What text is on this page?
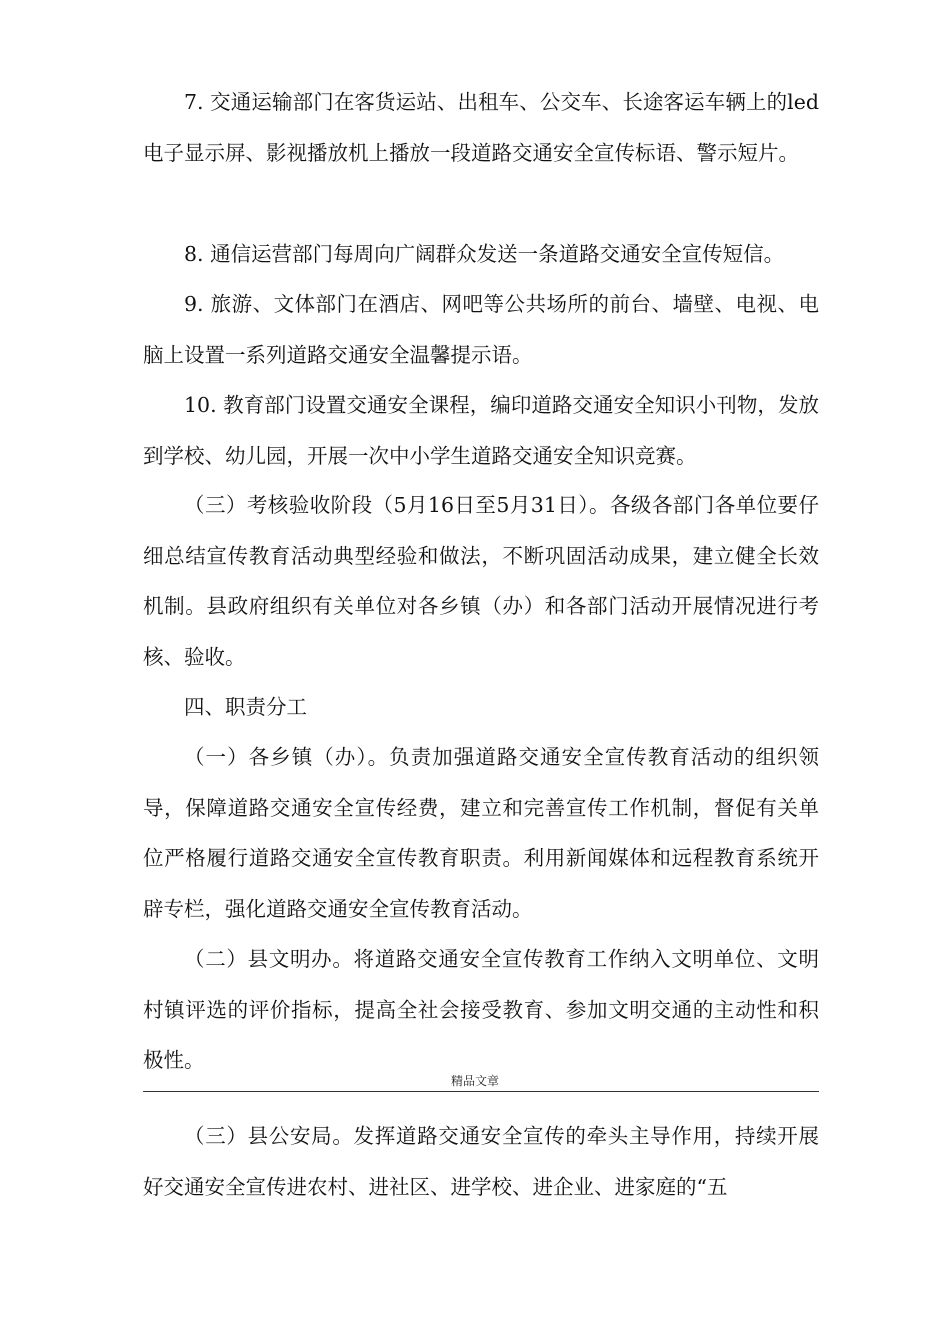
7. 交通运输部门在客货运站、出租车、公交车、长途客运车辆上的led电子显示屏、影视播放机上播放一段道路交通安全宣传标语、警示短片。

8. 通信运营部门每周向广阔群众发送一条道路交通安全宣传短信。

9. 旅游、文体部门在酒店、网吧等公共场所的前台、墙壁、电视、电脑上设置一系列道路交通安全温馨提示语。

10. 教育部门设置交通安全课程，编印道路交通安全知识小刊物，发放到学校、幼儿园，开展一次中小学生道路交通安全知识竞赛。

（三）考核验收阶段（5月16日至5月31日）。各级各部门各单位要仔细总结宣传教育活动典型经验和做法，不断巩固活动成果，建立健全长效机制。县政府组织有关单位对各乡镇（办）和各部门活动开展情况进行考核、验收。

四、职责分工

（一）各乡镇（办）。负责加强道路交通安全宣传教育活动的组织领导，保障道路交通安全宣传经费，建立和完善宣传工作机制，督促有关单位严格履行道路交通安全宣传教育职责。利用新闻媒体和远程教育系统开辟专栏，强化道路交通安全宣传教育活动。

（二）县文明办。将道路交通安全宣传教育工作纳入文明单位、文明村镇评选的评价指标，提高全社会接受教育、参加文明交通的主动性和积极性。

精品文章

（三）县公安局。发挥道路交通安全宣传的牵头主导作用，持续开展好交通安全宣传进农村、进社区、进学校、进企业、进家庭的“五
